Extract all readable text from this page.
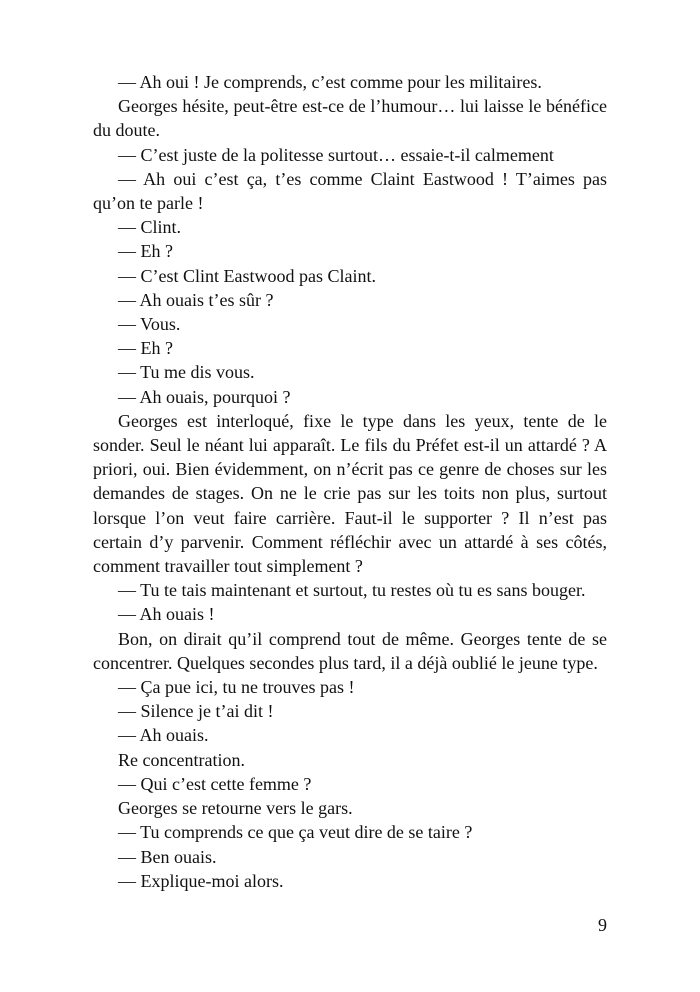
— Ah oui ! Je comprends, c’est comme pour les militaires.

Georges hésite, peut-être est-ce de l’humour… lui laisse le bénéfice du doute.

— C’est juste de la politesse surtout… essaie-t-il calmement

— Ah oui c’est ça, t’es comme Claint Eastwood ! T’aimes pas qu’on te parle !

— Clint.

— Eh ?

— C’est Clint Eastwood pas Claint.

— Ah ouais t’es sûr ?

— Vous.

— Eh ?

— Tu me dis vous.

— Ah ouais, pourquoi ?

Georges est interloqué, fixe le type dans les yeux, tente de le sonder. Seul le néant lui apparaît. Le fils du Préfet est-il un attardé ? A priori, oui. Bien évidemment, on n’écrit pas ce genre de choses sur les demandes de stages. On ne le crie pas sur les toits non plus, surtout lorsque l’on veut faire carrière. Faut-il le supporter ? Il n’est pas certain d’y parvenir. Comment réfléchir avec un attardé à ses côtés, comment travailler tout simplement ?

— Tu te tais maintenant et surtout, tu restes où tu es sans bouger.

— Ah ouais !

Bon, on dirait qu’il comprend tout de même. Georges tente de se concentrer. Quelques secondes plus tard, il a déjà oublié le jeune type.

— Ça pue ici, tu ne trouves pas !

— Silence je t’ai dit !

— Ah ouais.

Re concentration.

— Qui c’est cette femme ?

Georges se retourne vers le gars.

— Tu comprends ce que ça veut dire de se taire ?

— Ben ouais.

— Explique-moi alors.

9
